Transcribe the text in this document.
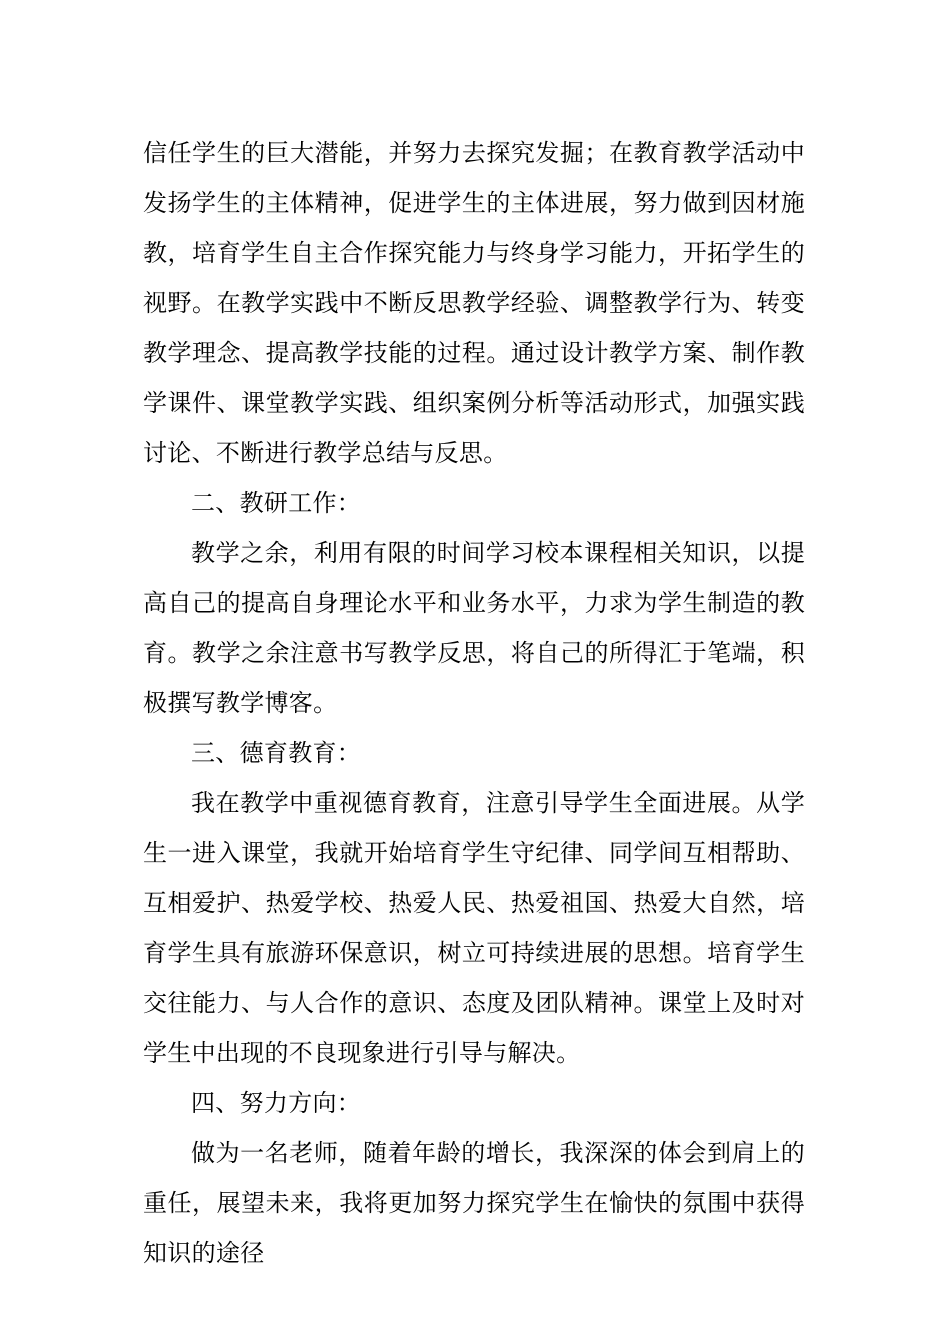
信任学生的巨大潜能，并努力去探究发掘；在教育教学活动中发扬学生的主体精神，促进学生的主体进展，努力做到因材施教，培育学生自主合作探究能力与终身学习能力，开拓学生的视野。在教学实践中不断反思教学经验、调整教学行为、转变教学理念、提高教学技能的过程。通过设计教学方案、制作教学课件、课堂教学实践、组织案例分析等活动形式，加强实践讨论、不断进行教学总结与反思。

二、教研工作：

教学之余，利用有限的时间学习校本课程相关知识，以提高自己的提高自身理论水平和业务水平，力求为学生制造的教育。教学之余注意书写教学反思，将自己的所得汇于笔端，积极撰写教学博客。

三、德育教育：

我在教学中重视德育教育，注意引导学生全面进展。从学生一进入课堂，我就开始培育学生守纪律、同学间互相帮助、互相爱护、热爱学校、热爱人民、热爱祖国、热爱大自然，培育学生具有旅游环保意识，树立可持续进展的思想。培育学生交往能力、与人合作的意识、态度及团队精神。课堂上及时对学生中出现的不良现象进行引导与解决。

四、努力方向：

做为一名老师，随着年龄的增长，我深深的体会到肩上的重任，展望未来，我将更加努力探究学生在愉快的氛围中获得知识的途径
